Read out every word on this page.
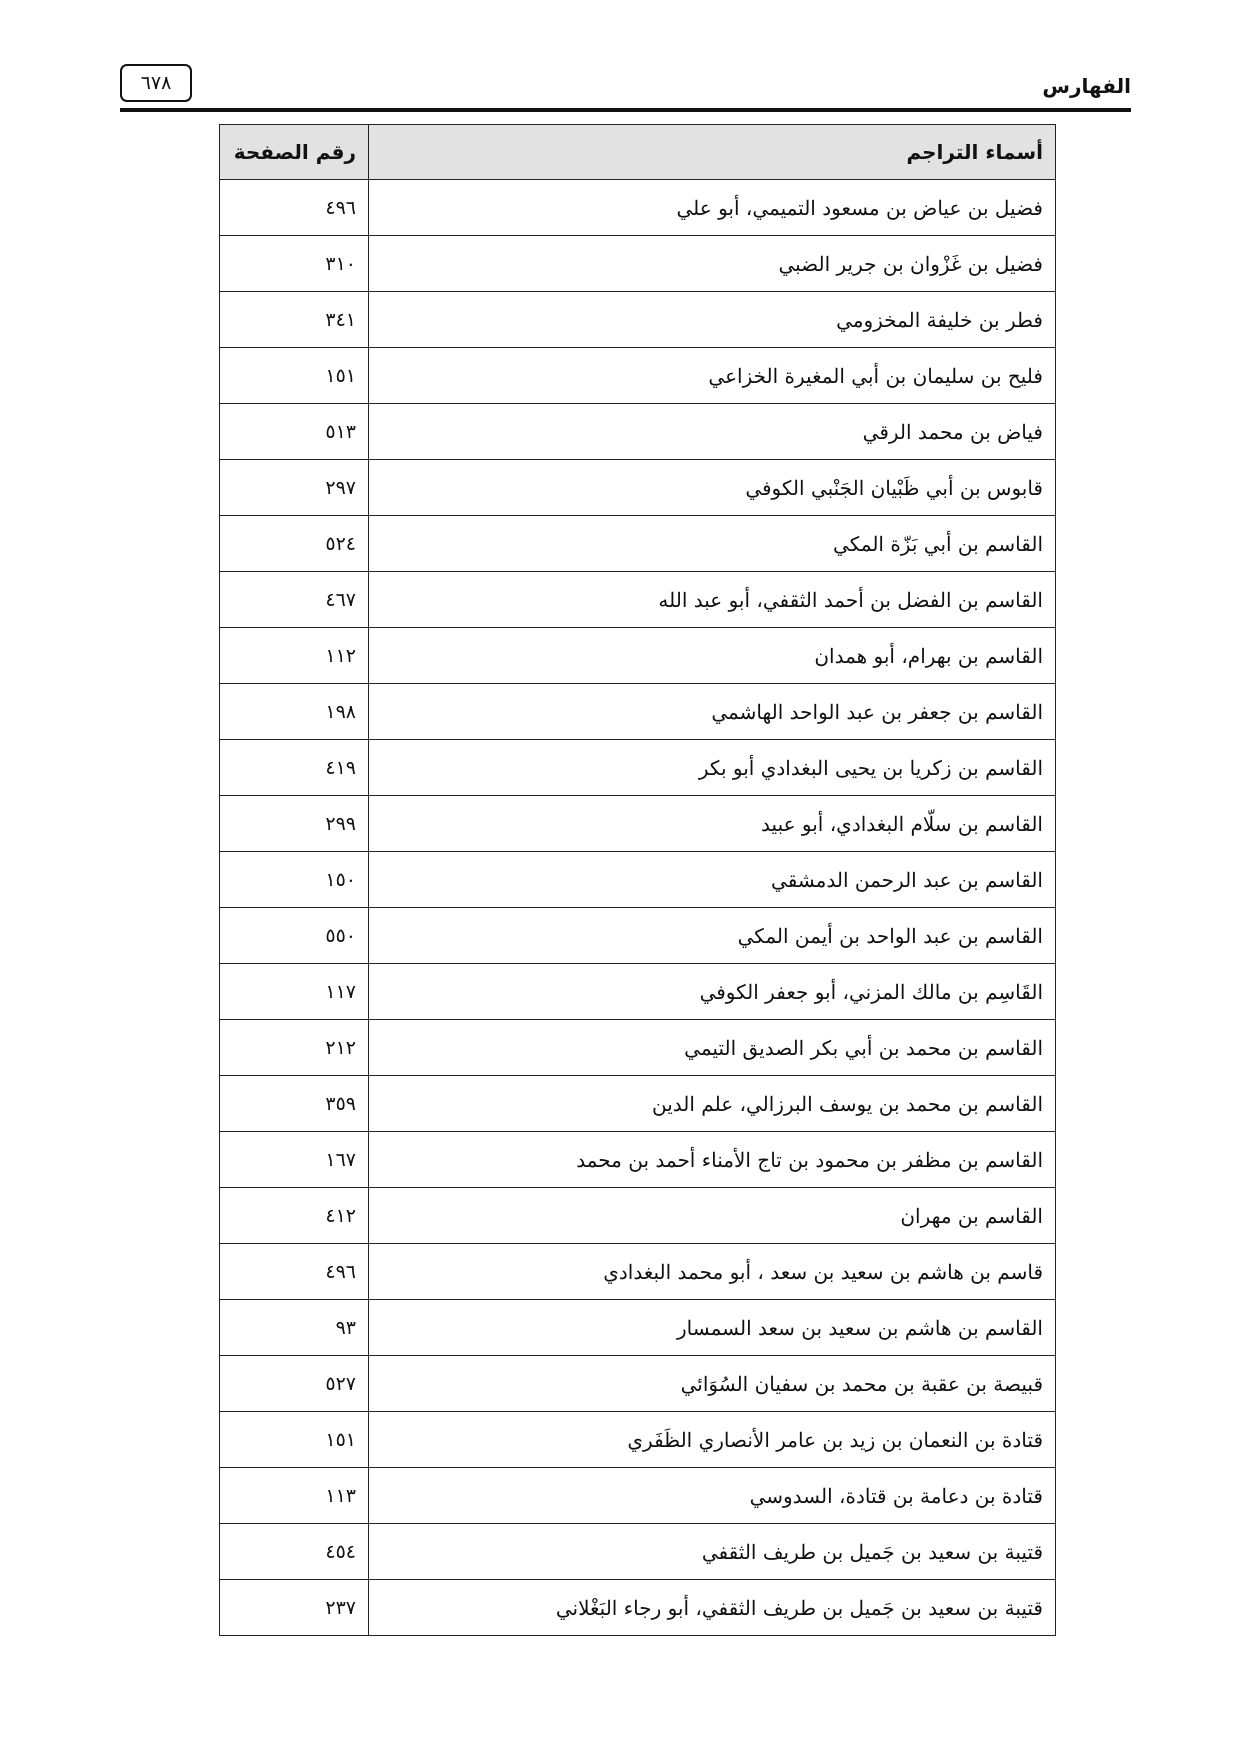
٦٧٨	الفهارس
أسماء التراجم	رقم الصفحة
فضيل بن عياض بن مسعود التميمي، أبو علي	٤٩٦
فضيل بن غَزْوان بن جرير الضبي	٣١٠
فطر بن خليفة المخزومي	٣٤١
فليح بن سليمان بن أبي المغيرة الخزاعي	١٥١
فياض بن محمد الرقي	٥١٣
قابوس بن أبي ظَبْيان الجَنْبي الكوفي	٢٩٧
القاسم بن أبي بَزّة المكي	٥٢٤
القاسم بن الفضل بن أحمد الثقفي، أبو عبد الله	٤٦٧
القاسم بن بهرام، أبو همدان	١١٢
القاسم بن جعفر بن عبد الواحد الهاشمي	١٩٨
القاسم بن زكريا بن يحيى البغدادي أبو بكر	٤١٩
القاسم بن سلّام البغدادي، أبو عبيد	٢٩٩
القاسم بن عبد الرحمن الدمشقي	١٥٠
القاسم بن عبد الواحد بن أيمن المكي	٥٥٠
القَاسِم بن مالك المزني، أبو جعفر الكوفي	١١٧
القاسم بن محمد بن أبي بكر الصديق التيمي	٢١٢
القاسم بن محمد بن يوسف البرزالي، علم الدين	٣٥٩
القاسم بن مظفر بن محمود بن تاج الأمناء أحمد بن محمد	١٦٧
القاسم بن مهران	٤١٢
قاسم بن هاشم بن سعيد بن سعد ، أبو محمد البغدادي	٤٩٦
القاسم بن هاشم بن سعيد بن سعد السمسار	٩٣
قبيصة بن عقبة بن محمد بن سفيان السُوَائي	٥٢٧
قتادة بن النعمان بن زيد بن عامر الأنصاري الظَفَري	١٥١
قتادة بن دعامة بن قتادة، السدوسي	١١٣
قتيبة بن سعيد بن جَميل بن طريف الثقفي	٤٥٤
قتيبة بن سعيد بن جَميل بن طريف الثقفي، أبو رجاء البَغْلاني	٢٣٧
